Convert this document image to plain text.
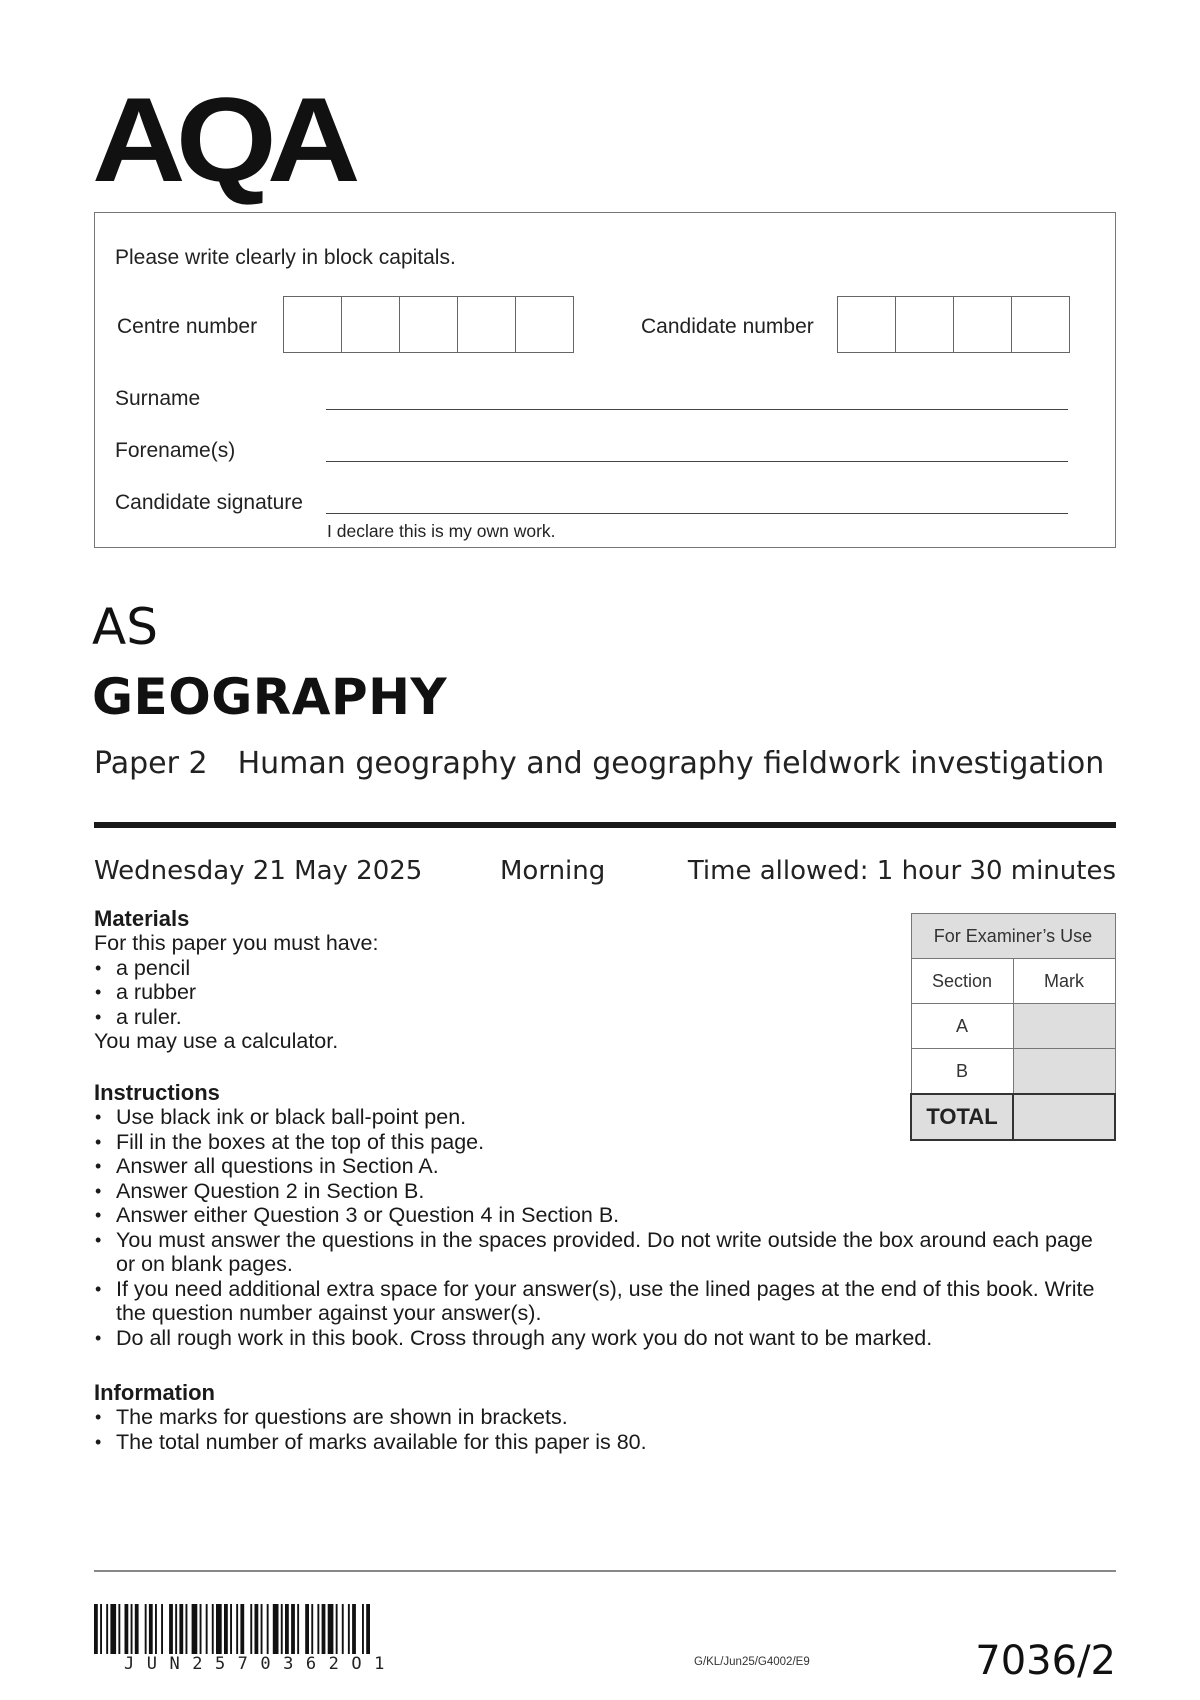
AQA
Please write clearly in block capitals.
Centre number	Candidate number
Surname
Forename(s)
Candidate signature
I declare this is my own work.
AS
GEOGRAPHY
Paper 2 Human geography and geography fieldwork investigation
Wednesday 21 May 2025	Morning	Time allowed: 1 hour 30 minutes
Materials

For this paper you must have:

• a pencil
• a rubber
• a ruler.

You may use a calculator.

For Examiner’s Use	
Section	Mark
A	
B	
TOTAL	
Instructions
• Use black ink or black ball-point pen.
• Fill in the boxes at the top of this page.
• Answer all questions in Section A.
• Answer Question 2 in Section B.
• Answer either Question 3 or Question 4 in Section B.
• You must answer the questions in the spaces provided. Do not write outside the box around each page or on blank pages.
• If you need additional extra space for your answer(s), use the lined pages at the end of this book. Write the question number against your answer(s).
• Do all rough work in this book. Cross through any work you do not want to be marked.
Information
• The marks for questions are shown in brackets.
• The total number of marks available for this paper is 80.
JUN2570362O1	G/KL/Jun25/G4002/E9	7036/2
